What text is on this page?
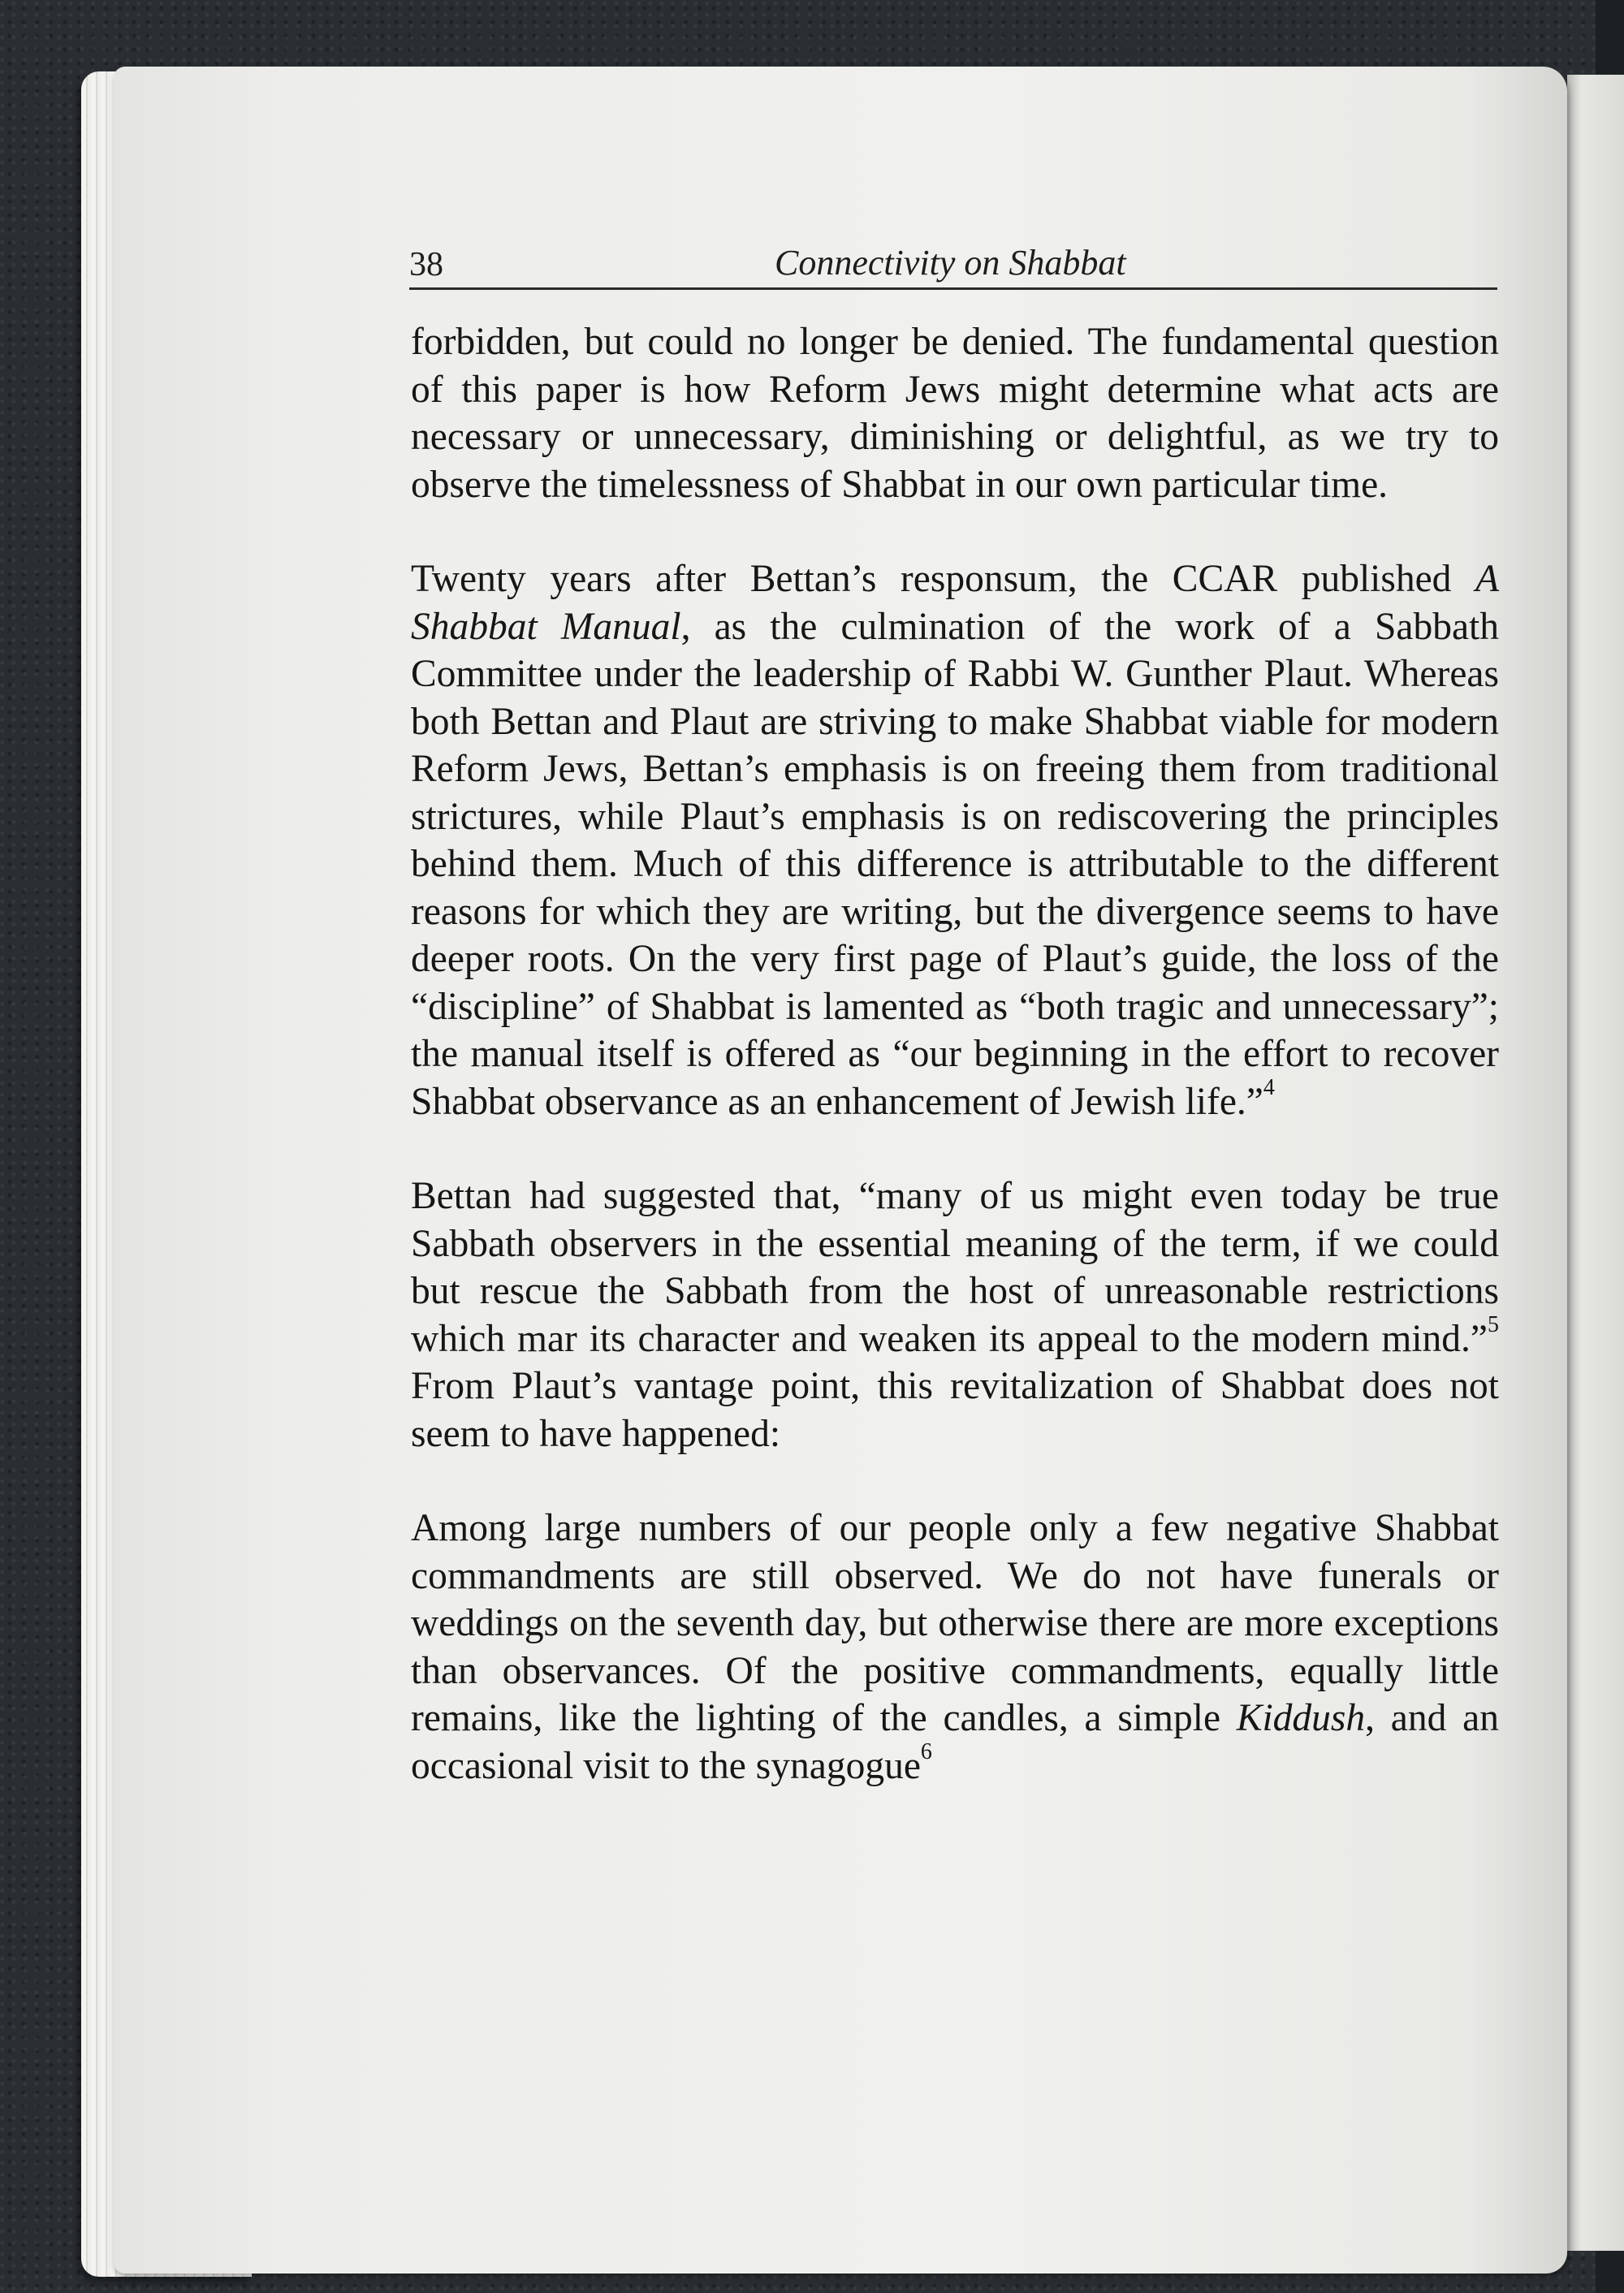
38	Connectivity on Shabbat

forbidden, but could no longer be denied. The fundamental question of this paper is how Reform Jews might determine what acts are necessary or unnecessary, diminishing or delightful, as we try to observe the timelessness of Shabbat in our own particular time.

Twenty years after Bettan’s responsum, the CCAR published A Shabbat Manual, as the culmination of the work of a Sabbath Committee under the leadership of Rabbi W. Gunther Plaut. Whereas both Bettan and Plaut are striving to make Shabbat viable for modern Reform Jews, Bettan’s emphasis is on freeing them from traditional strictures, while Plaut’s emphasis is on rediscovering the principles behind them. Much of this difference is attributable to the different reasons for which they are writing, but the divergence seems to have deeper roots. On the very first page of Plaut’s guide, the loss of the “discipline” of Shabbat is lamented as “both tragic and unnecessary”; the manual itself is offered as “our beginning in the effort to recover Shabbat observance as an enhancement of Jewish life.”$^4$

Bettan had suggested that, “many of us might even today be true Sabbath observers in the essential meaning of the term, if we could but rescue the Sabbath from the host of unreasonable restrictions which mar its character and weaken its appeal to the modern mind.”$^5$ From Plaut’s vantage point, this revitalization of Shabbat does not seem to have happened:

Among large numbers of our people only a few negative Shabbat commandments are still observed. We do not have funerals or weddings on the seventh day, but otherwise there are more exceptions than observances. Of the positive commandments, equally little remains, like the lighting of the candles, a simple Kiddush, and an occasional visit to the synagogue$^6$
